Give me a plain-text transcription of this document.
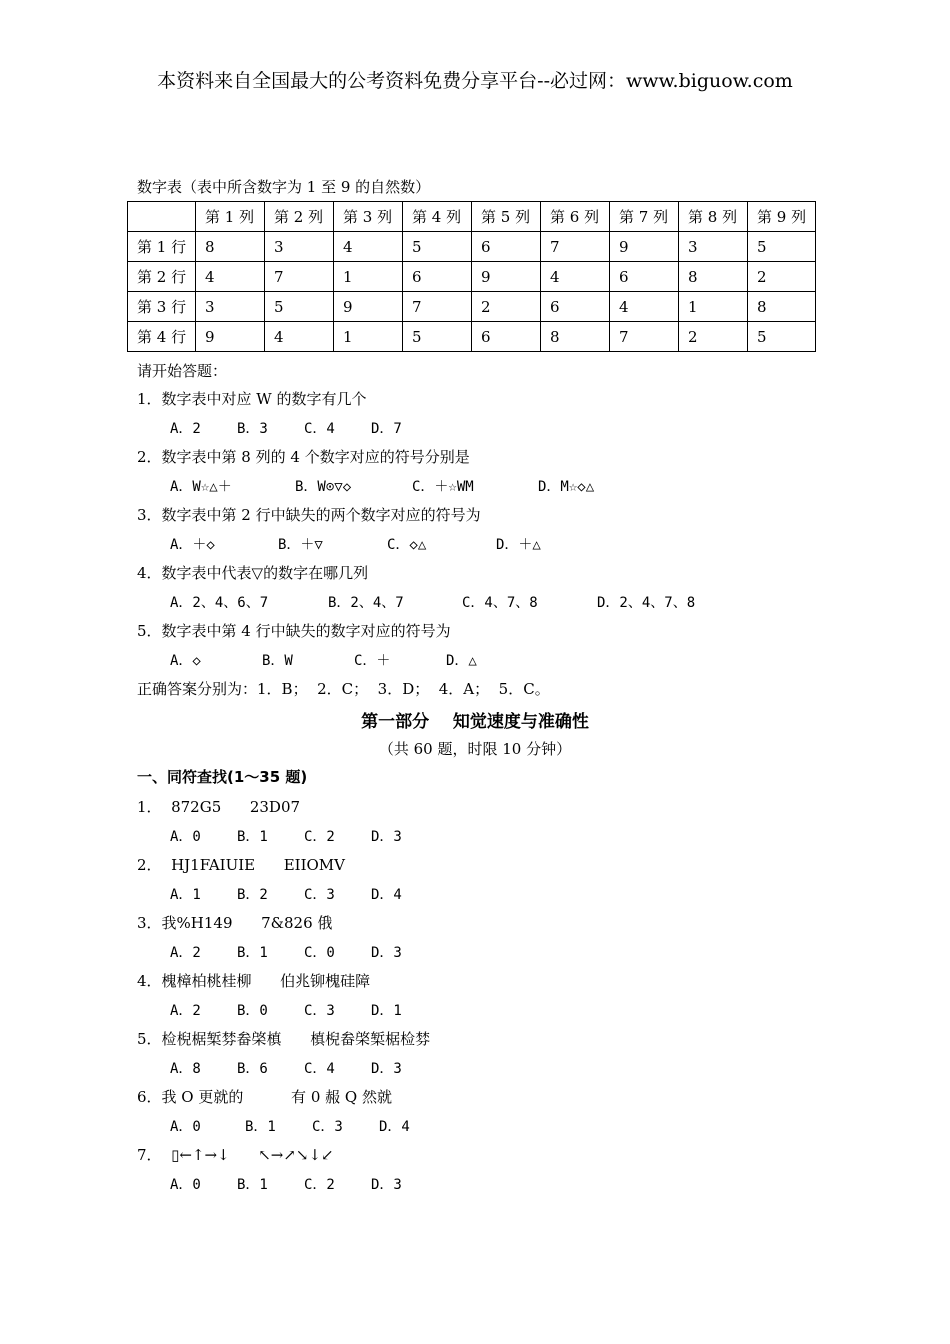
本资料来自全国最大的公考资料免费分享平台--必过网：www.biguow.com
数字表（表中所含数字为 1 至 9 的自然数）
	第 1 列	第 2 列	第 3 列	第 4 列	第 5 列	第 6 列	第 7 列	第 8 列	第 9 列
第 1 行	8	3	4	5	6	7	9	3	5
第 2 行	4	7	1	6	9	4	6	8	2
第 3 行	3	5	9	7	2	6	4	1	8
第 4 行	9	4	1	5	6	8	7	2	5
请开始答题：
1．数字表中对应 W 的数字有几个
A．2	B．3	C．4	D．7
2．数字表中第 8 列的 4 个数字对应的符号分别是
A．W☆△＋	B．W⊙▽◇	C．＋☆WM	D．M☆◇△
3．数字表中第 2 行中缺失的两个数字对应的符号为
A．＋◇	B．＋▽	C．◇△	D．＋△
4．数字表中代表▽的数字在哪几列
A．2、4、6、7	B．2、4、7	C．4、7、8	D．2、4、7、8
5．数字表中第 4 行中缺失的数字对应的符号为
A．◇	B．W	C．＋	D．△
正确答案分别为：1．B；  2．C；  3．D；  4．A；  5．C。
第一部分    知觉速度与准确性
（共 60 题，时限 10 分钟）
一、同符查找(1～35 题)
1．  872G5      23D07
A．0	B．1	C．2	D．3
2．  HJ1FAIUIE      EIIOMV
A．1	B．2	C．3	D．4
3．我%H149      7&826 俄
A．2	B．1	C．0	D．3
4．槐樟柏桃桂柳      伯兆铆槐硅障
A．2	B．0	C．3	D．1
5．检棿椐椠棼畚棨槙      槙棿畚棨椠椐检棼
A．8	B．6	C．4	D．3
6．我 O 更就的          有 0 赧 Q 然就
A．0	B．1	C．3	D．4
7．  ▯←↑→↓      ↖→↗↘↓↙
A．0	B．1	C．2	D．3
